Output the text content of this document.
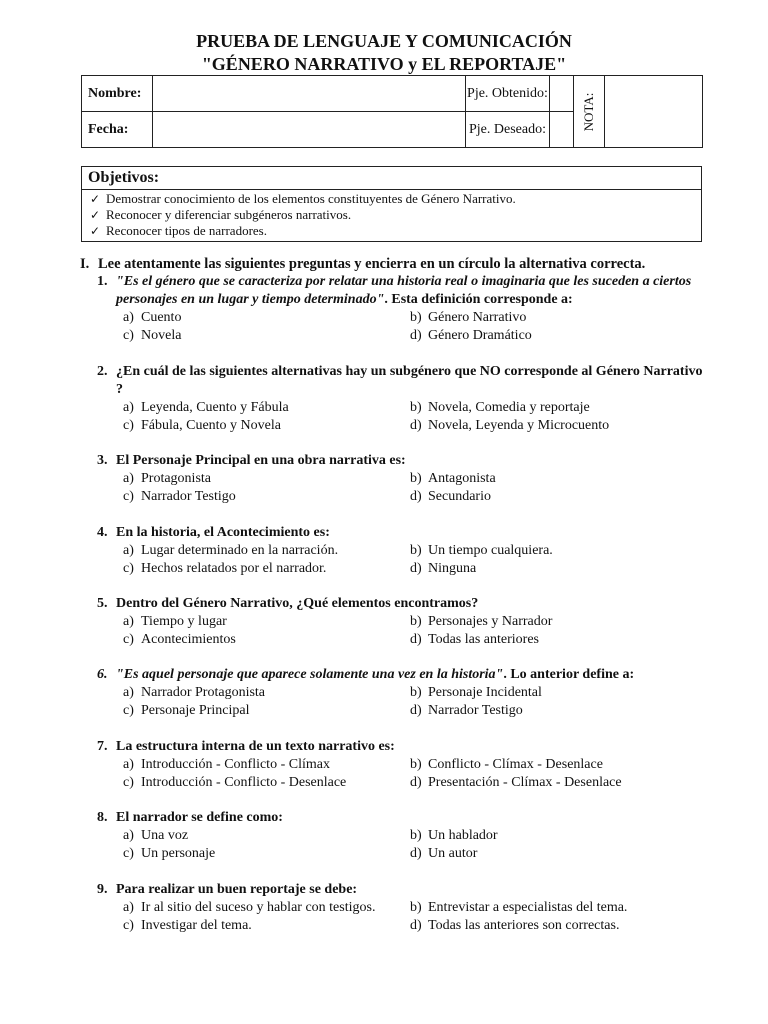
PRUEBA DE LENGUAJE Y COMUNICACIÓN
"GÉNERO NARRATIVO y EL REPORTAJE"
Nombre:		Pje. Obtenido:		NOTA:	

Fecha:		Pje. Deseado:			
Objetivos:
✓ Demostrar conocimiento de los elementos constituyentes de Género Narrativo.
✓ Reconocer y diferenciar subgéneros narrativos.
✓ Reconocer tipos de narradores.
I. Lee atentamente las siguientes preguntas y encierra en un círculo la alternativa correcta.
1. "Es el género que se caracteriza por relatar una historia real o imaginaria que les suceden a ciertos personajes en un lugar y tiempo determinado". Esta definición corresponde a:
a) Cuento	b) Género Narrativo
c) Novela	d) Género Dramático
2. ¿En cuál de las siguientes alternativas hay un subgénero que NO corresponde al Género Narrativo ?
a) Leyenda, Cuento y Fábula	b) Novela, Comedia y reportaje
c) Fábula, Cuento y Novela	d) Novela, Leyenda y Microcuento
3. El Personaje Principal en una obra narrativa es:
a) Protagonista	b) Antagonista
c) Narrador Testigo	d) Secundario
4. En la historia, el Acontecimiento es:
a) Lugar determinado en la narración.	b) Un tiempo cualquiera.
c) Hechos relatados por el narrador.	d) Ninguna
5. Dentro del Género Narrativo, ¿Qué elementos encontramos?
a) Tiempo y lugar	b) Personajes y Narrador
c) Acontecimientos	d) Todas las anteriores
6. "Es aquel personaje que aparece solamente una vez en la historia". Lo anterior define a:
a) Narrador Protagonista	b) Personaje Incidental
c) Personaje Principal	d) Narrador Testigo
7. La estructura interna de un texto narrativo es:
a) Introducción - Conflicto - Clímax	b) Conflicto - Clímax - Desenlace
c) Introducción - Conflicto - Desenlace	d) Presentación - Clímax - Desenlace
8. El narrador se define como:
a) Una voz	b) Un hablador
c) Un personaje	d) Un autor
9. Para realizar un buen reportaje se debe:
a) Ir al sitio del suceso y hablar con testigos. b) Entrevistar a especialistas del tema.
c) Investigar del tema.	d) Todas las anteriores son correctas.
